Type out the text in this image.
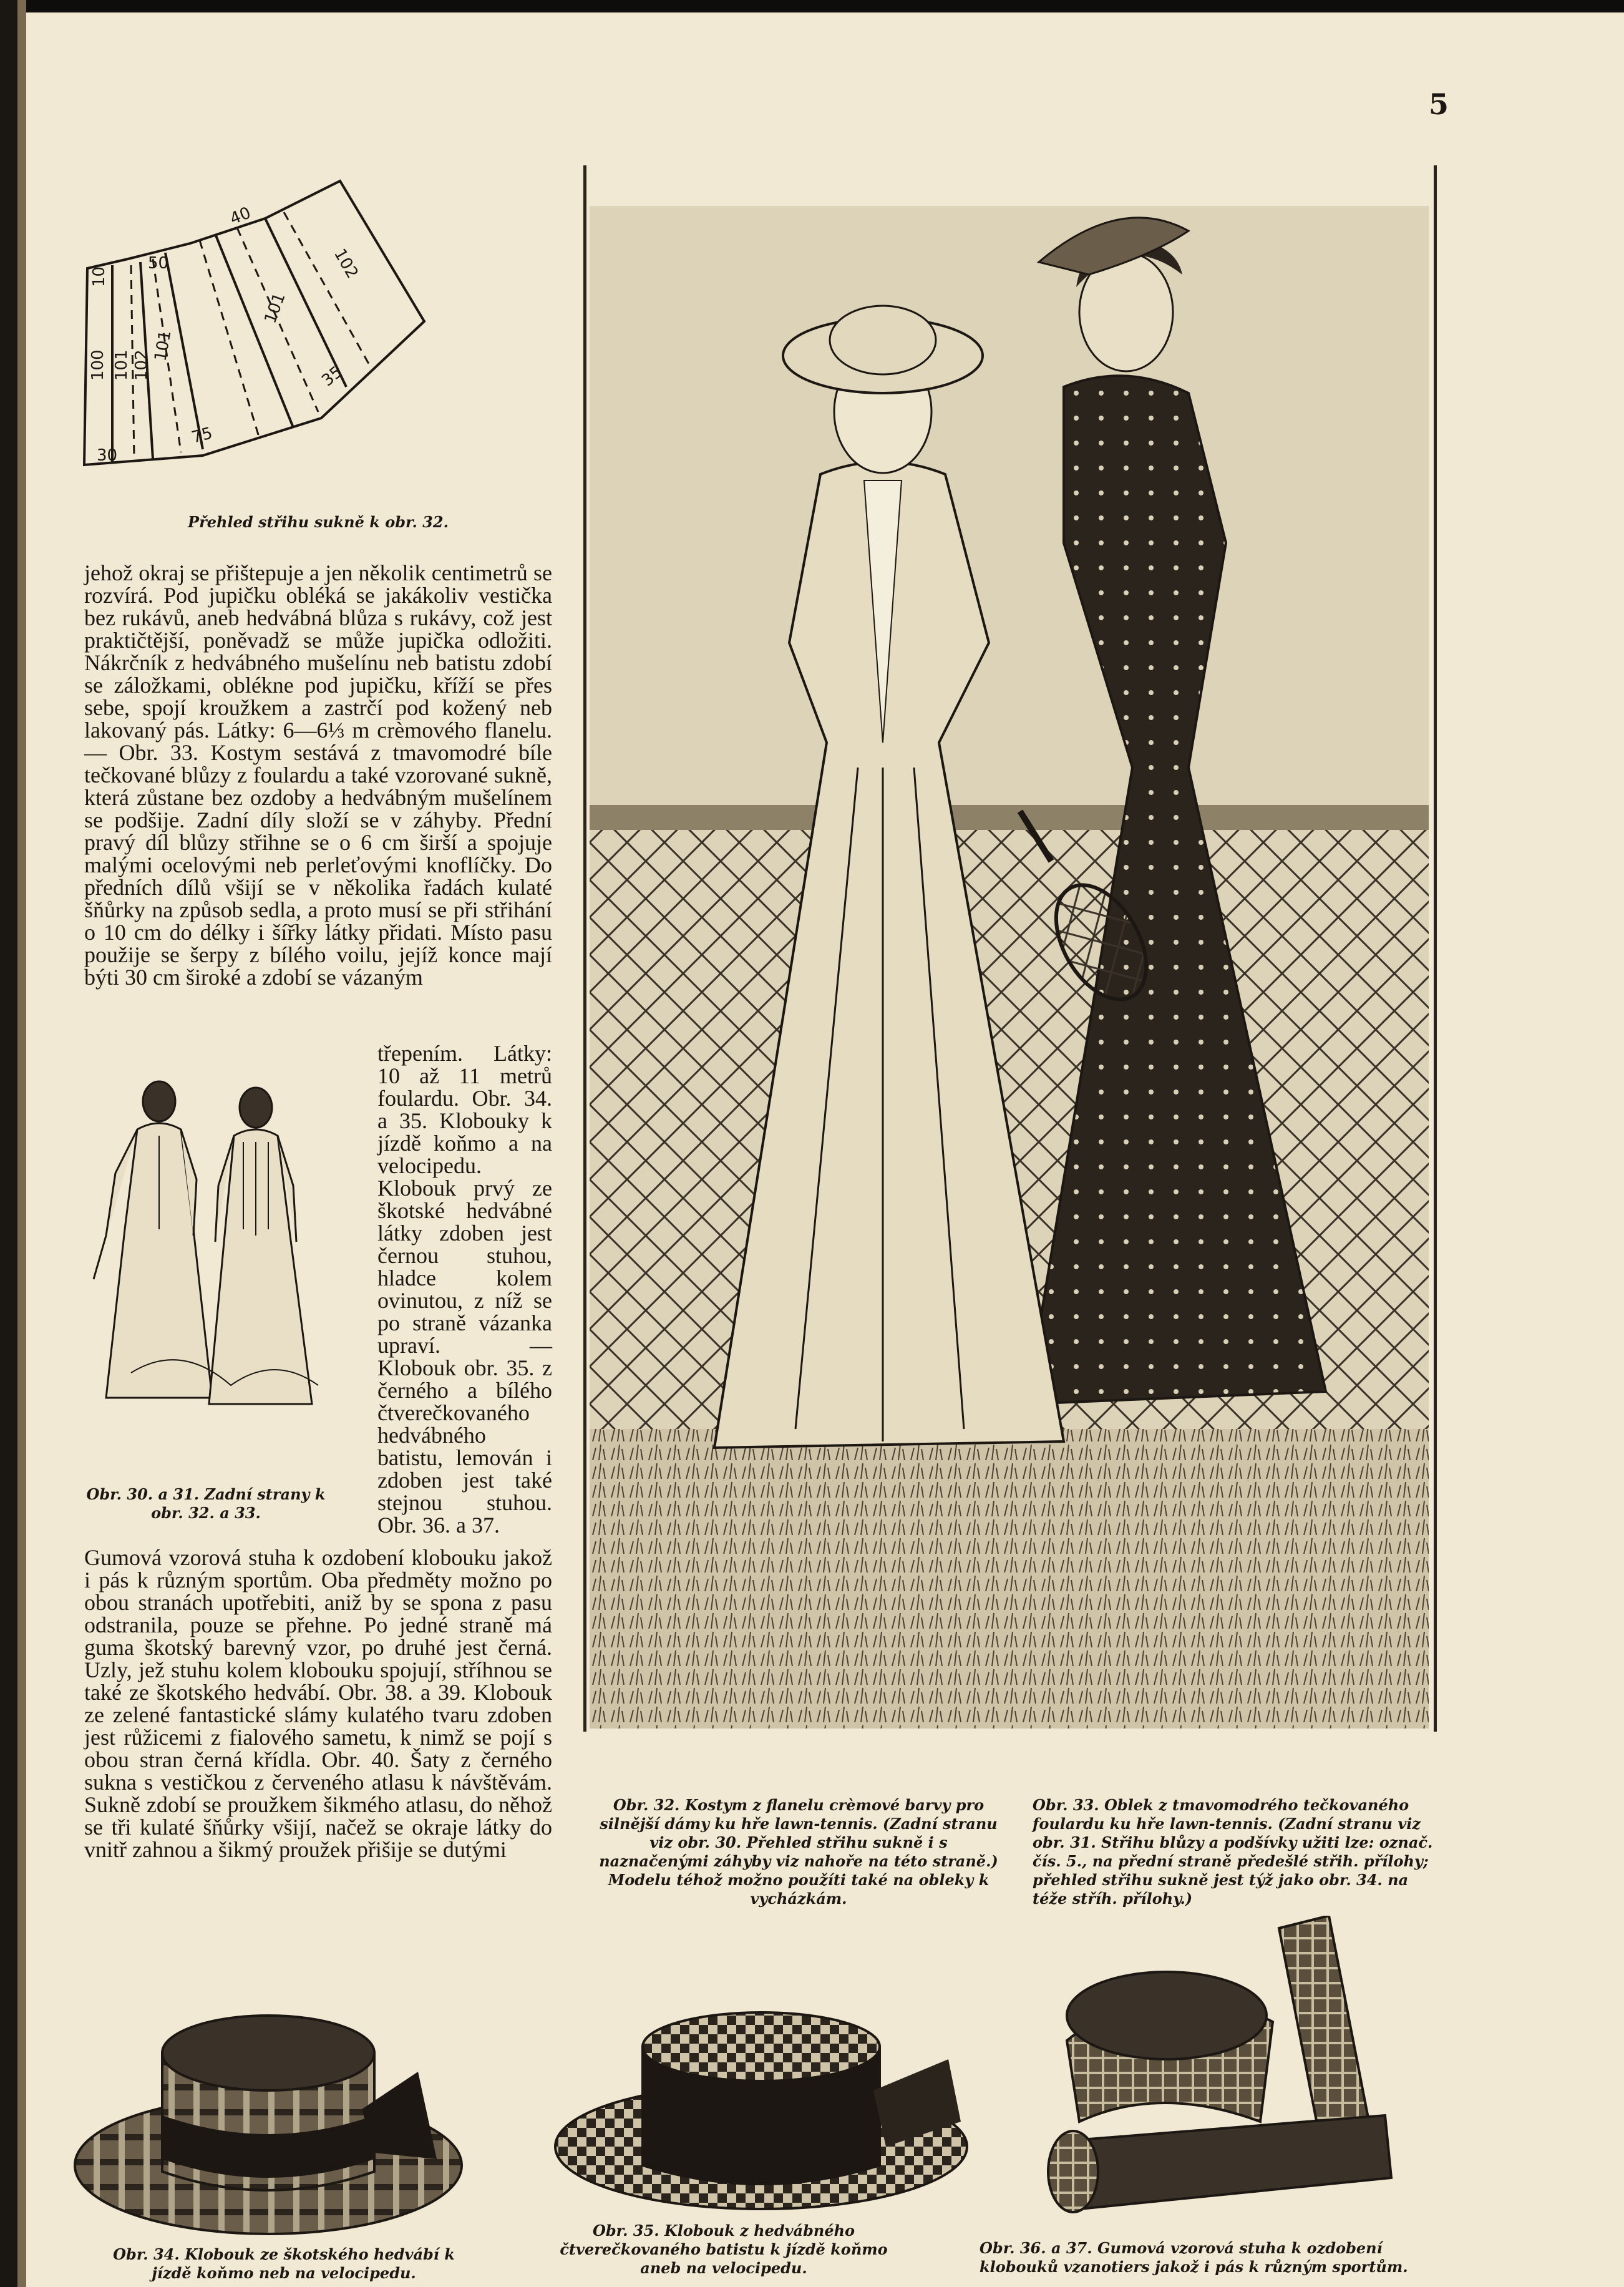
5
40
50
101
102
35
75
30
100 101 102
10
101
Přehled střihu sukně k obr. 32.

jehož okraj se přištepuje a jen několik centimetrů se rozvírá. Pod jupičku obléká se jakákoliv vestička bez rukávů, aneb hedvábná blůza s rukávy, což jest praktičtější, poněvadž se může jupička odložiti. Nákrčník z hedvábného mušelínu neb batistu zdobí se záložkami, oblékne pod jupičku, kříží se přes sebe, spojí kroužkem a zastrčí pod kožený neb lakovaný pás. Látky: 6—6⅓ m crèmového flanelu. — Obr. 33. Kostym sestává z tmavomodré bíle tečkované blůzy z foulardu a také vzorované sukně, která zůstane bez ozdoby a hedvábným mušelínem se podšije. Zadní díly složí se v záhyby. Přední pravý díl blůzy střihne se o 6 cm širší a spojuje malými ocelovými neb perleťovými knoflíčky. Do předních dílů všijí se v několika řadách kulaté šňůrky na způsob sedla, a proto musí se při střihání o 10 cm do délky i šířky látky přidati. Místo pasu použije se šerpy z bílého voilu, jejíž konce mají býti 30 cm široké a zdobí se vázaným

Obr. 30. a 31. Zadní strany k obr. 32. a 33.

třepením. Látky: 10 až 11 metrů foulardu. Obr. 34. a 35. Klobouky k jízdě koňmo a na velocipedu. Klobouk prvý ze škotské hedvábné látky zdoben jest černou stuhou, hladce kolem ovinutou, z níž se po straně vázanka upraví. — Klobouk obr. 35. z černého a bílého čtverečkovaného hedvábného batistu, lemován i zdoben jest také stejnou stuhou. Obr. 36. a 37.

Gumová vzorová stuha k ozdobení klobouku jakož i pás k různým sportům. Oba předměty možno po obou stranách upotřebiti, aniž by se spona z pasu odstranila, pouze se přehne. Po jedné straně má guma škotský barevný vzor, po druhé jest černá. Uzly, jež stuhu kolem klobouku spojují, stříhnou se také ze škotského hedvábí. Obr. 38. a 39. Klobouk ze zelené fantastické slámy kulatého tvaru zdoben jest růžicemi z fialového sametu, k nimž se pojí s obou stran černá křídla. Obr. 40. Šaty z černého sukna s vestičkou z červeného atlasu k návštěvám. Sukně zdobí se proužkem šikmého atlasu, do něhož se tři kulaté šňůrky všijí, načež se okraje látky do vnitř zahnou a šikmý proužek přišije se dutými

Obr. 32. Kostym z flanelu crèmové barvy pro silnější dámy ku hře lawn-tennis. (Zadní stranu viz obr. 30. Přehled střihu sukně i s naznačenými záhyby viz nahoře na této straně.) Modelu téhož možno použíti také na obleky k vycházkám.
Obr. 33. Oblek z tmavomodrého tečkovaného foulardu ku hře lawn-tennis. (Zadní stranu viz obr. 31. Střihu blůzy a podšívky užiti lze: označ. čís. 5., na přední straně předešlé střih. přílohy; přehled střihu sukně jest týž jako obr. 34. na téže stříh. přílohy.)
Obr. 34. Klobouk ze škotského hedvábí k jízdě koňmo neb na velocipedu.
Obr. 35. Klobouk z hedvábného čtverečkovaného batistu k jízdě koňmo aneb na velocipedu.
Obr. 36. a 37. Gumová vzorová stuha k ozdobení klobouků vzanotiers jakož i pás k různým sportům.
